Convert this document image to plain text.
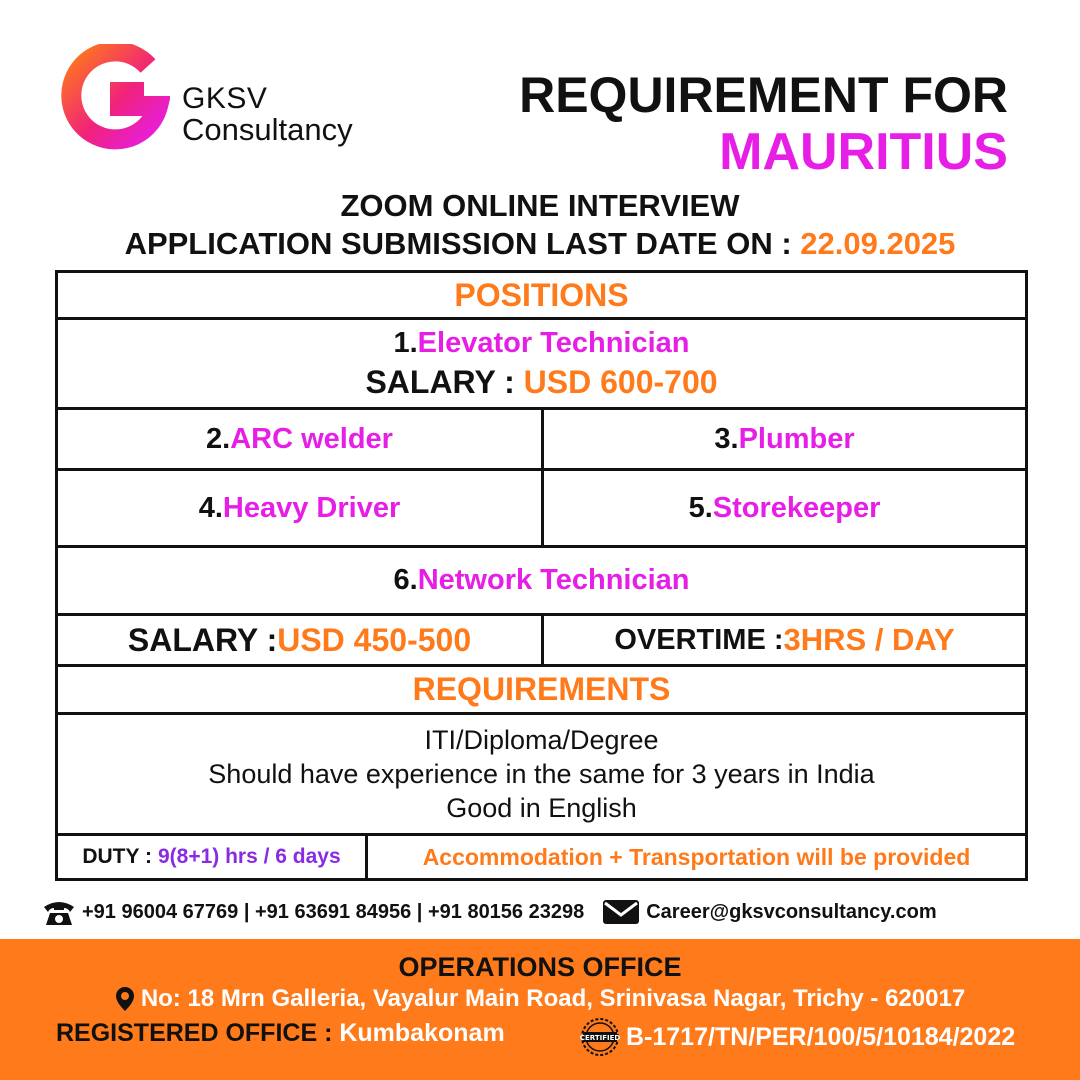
GKSV
Consultancy
REQUIREMENT FOR
MAURITIUS
ZOOM ONLINE INTERVIEW
APPLICATION SUBMISSION LAST DATE ON : 22.09.2025
POSITIONS
1.Elevator Technician
SALARY : USD 600-700
2. ARC welder	3. Plumber
4. Heavy Driver	5. Storekeeper
6. Network Technician
SALARY : USD 450-500	OVERTIME : 3HRS / DAY
REQUIREMENTS
ITI/Diploma/Degree
Should have experience in the same for 3 years in India
Good in English
DUTY : 9(8+1) hrs / 6 days	Accommodation + Transportation will be provided
+91 96004 67769 | +91 63691 84956 | +91 80156 23298	Career@gksvconsultancy.com
OPERATIONS OFFICE
No: 18 Mrn Galleria, Vayalur Main Road, Srinivasa Nagar, Trichy - 620017
REGISTERED OFFICE : Kumbakonam	CERTIFIED B-1717/TN/PER/100/5/10184/2022
